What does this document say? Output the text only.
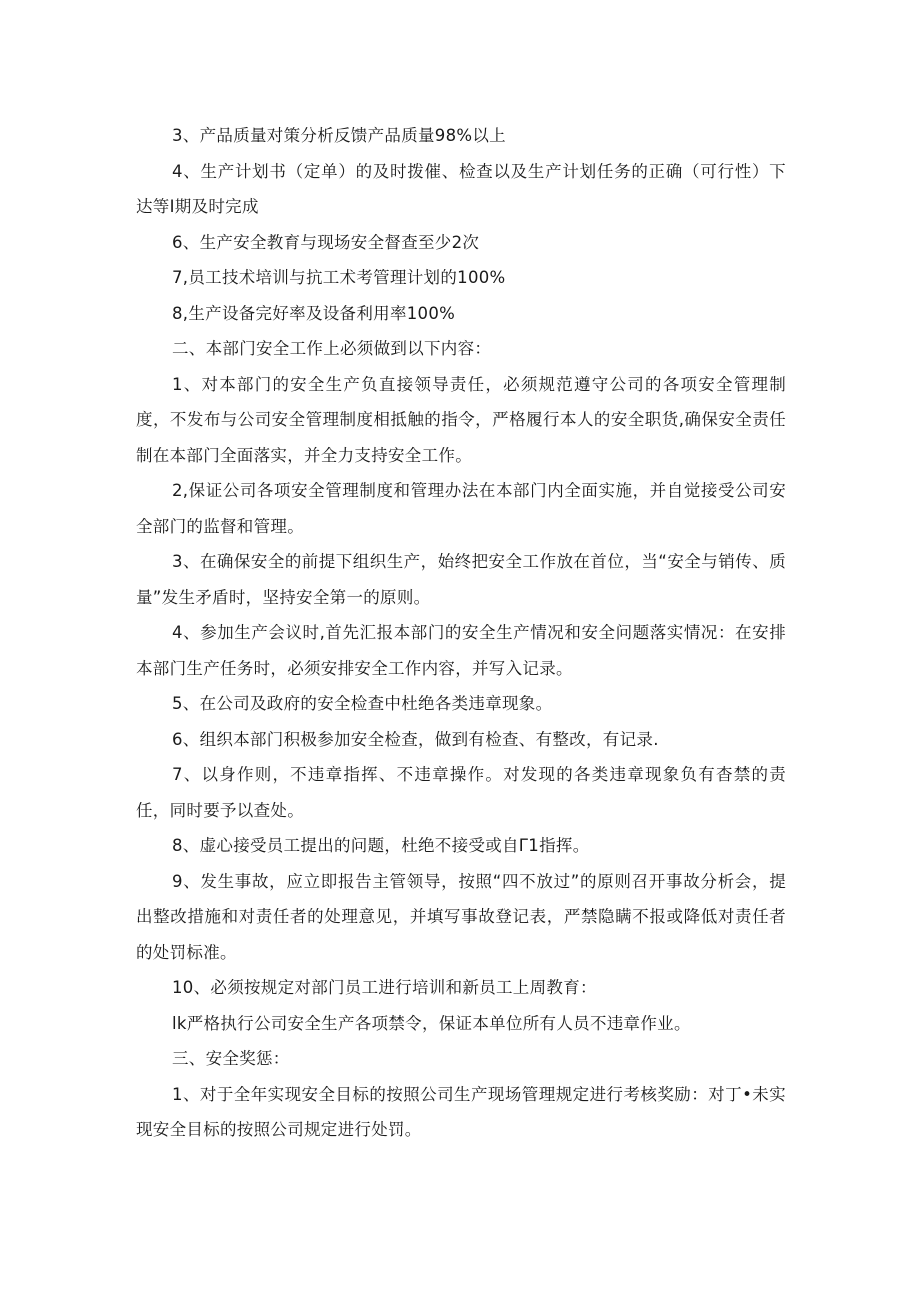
3、产品质量对策分析反馈产品质量98%以上

4、生产计划书（定单）的及时拨催、检查以及生产计划任务的正确（可行性）下达等I期及时完成

6、生产安全教育与现场安全督查至少2次

7,员工技术培训与抗工术考管理计划的100%

8,生产设备完好率及设备利用率100%

二、本部门安全工作上必须做到以下内容：

1、对本部门的安全生产负直接领导责任，必须规范遵守公司的各项安全管理制度，不发布与公司安全管理制度相抵触的指令，严格履行本人的安全职货,确保安全责任制在本部门全面落实，并全力支持安全工作。

2,保证公司各项安全管理制度和管理办法在本部门内全面实施，并自觉接受公司安全部门的监督和管理。

3、在确保安全的前提下组织生产，始终把安全工作放在首位，当“安全与销传、质量”发生矛盾时，坚持安全第一的原则。

4、参加生产会议时,首先汇报本部门的安全生产情况和安全问题落实情况：在安排本部门生产任务时，必须安排安全工作内容，并写入记录。

5、在公司及政府的安全检查中杜绝各类违章现象。

6、组织本部门积极参加安全检查，做到有检查、有整改，有记录.

7、以身作则，不违章指挥、不违章操作。对发现的各类违章现象负有杳禁的责任，同时要予以查处。

8、虚心接受员工提出的问题，杜绝不接受或自Γ1指挥。

9、发生事故，应立即报告主管领导，按照“四不放过”的原则召开事故分析会，提出整改措施和对责任者的处理意见，并填写事故登记表，严禁隐瞒不报或降低对责任者的处罚标准。

10、必须按规定对部门员工进行培训和新员工上周教育：

lk严格执行公司安全生产各项禁令，保证本单位所有人员不违章作业。

三、安全奖惩：

1、对于全年实现安全目标的按照公司生产现场管理规定进行考核奖励：对丁•未实现安全目标的按照公司规定进行处罚。
